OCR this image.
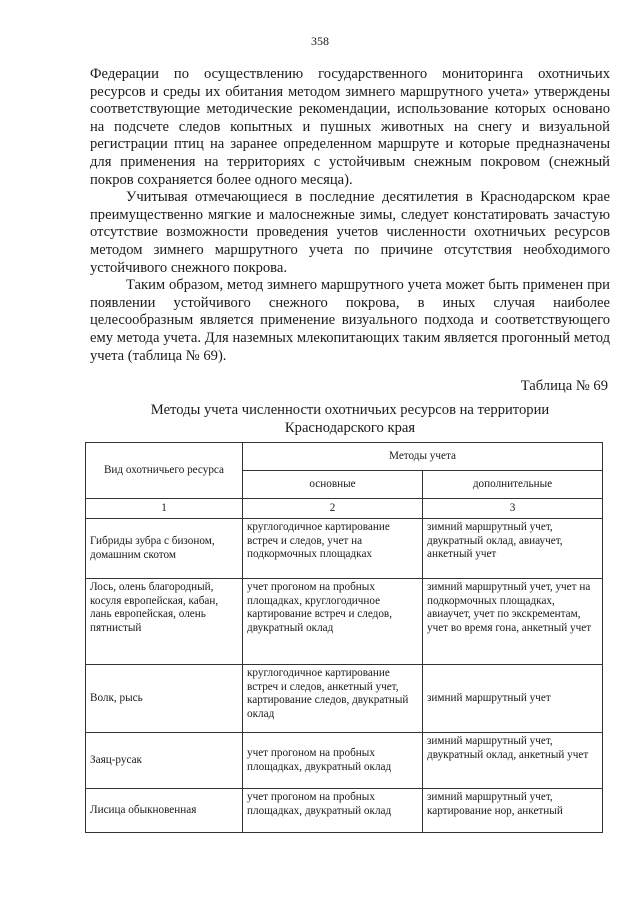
358

Федерации по осуществлению государственного мониторинга охотничьих ресурсов и среды их обитания методом зимнего маршрутного учета» утверждены соответствующие методические рекомендации, использование которых основано на подсчете следов копытных и пушных животных на снегу и визуальной регистрации птиц на заранее определенном маршруте и которые предназначены для применения на территориях с устойчивым снежным покровом (снежный покров сохраняется более одного месяца).

Учитывая отмечающиеся в последние десятилетия в Краснодарском крае преимущественно мягкие и малоснежные зимы, следует констатировать зачастую отсутствие возможности проведения учетов численности охотничьих ресурсов методом зимнего маршрутного учета по причине отсутствия необходимого устойчивого снежного покрова.

Таким образом, метод зимнего маршрутного учета может быть применен при появлении устойчивого снежного покрова, в иных случая наиболее целесообразным является применение визуального подхода и соответствующего ему метода учета. Для наземных млекопитающих таким является прогонный метод учета (таблица № 69).

Таблица № 69
Методы учета численности охотничьих ресурсов на территории
Краснодарского края
Вид охотничьего ресурса	Методы учета	
	основные	дополнительные
1	2	3
Гибриды зубра с бизоном, домашним скотом	круглогодичное картирование встреч и следов, учет на подкормочных площадках	зимний маршрутный учет, двукратный оклад, авиаучет, анкетный учет
Лось, олень благородный, косуля европейская, кабан, лань европейская, олень пятнистый	учет прогоном на пробных площадках, круглогодичное картирование встреч и следов, двукратный оклад	зимний маршрутный учет, учет на подкормочных площадках, авиаучет, учет по экскрементам, учет во время гона, анкетный учет
Волк, рысь	круглогодичное картирование встреч и следов, анкетный учет, картирование следов, двукратный оклад	зимний маршрутный учет
Заяц-русак	учет прогоном на пробных площадках, двукратный оклад	зимний маршрутный учет, двукратный оклад, анкетный учет
Лисица обыкновенная	учет прогоном на пробных площадках, двукратный оклад	зимний маршрутный учет, картирование нор, анкетный
